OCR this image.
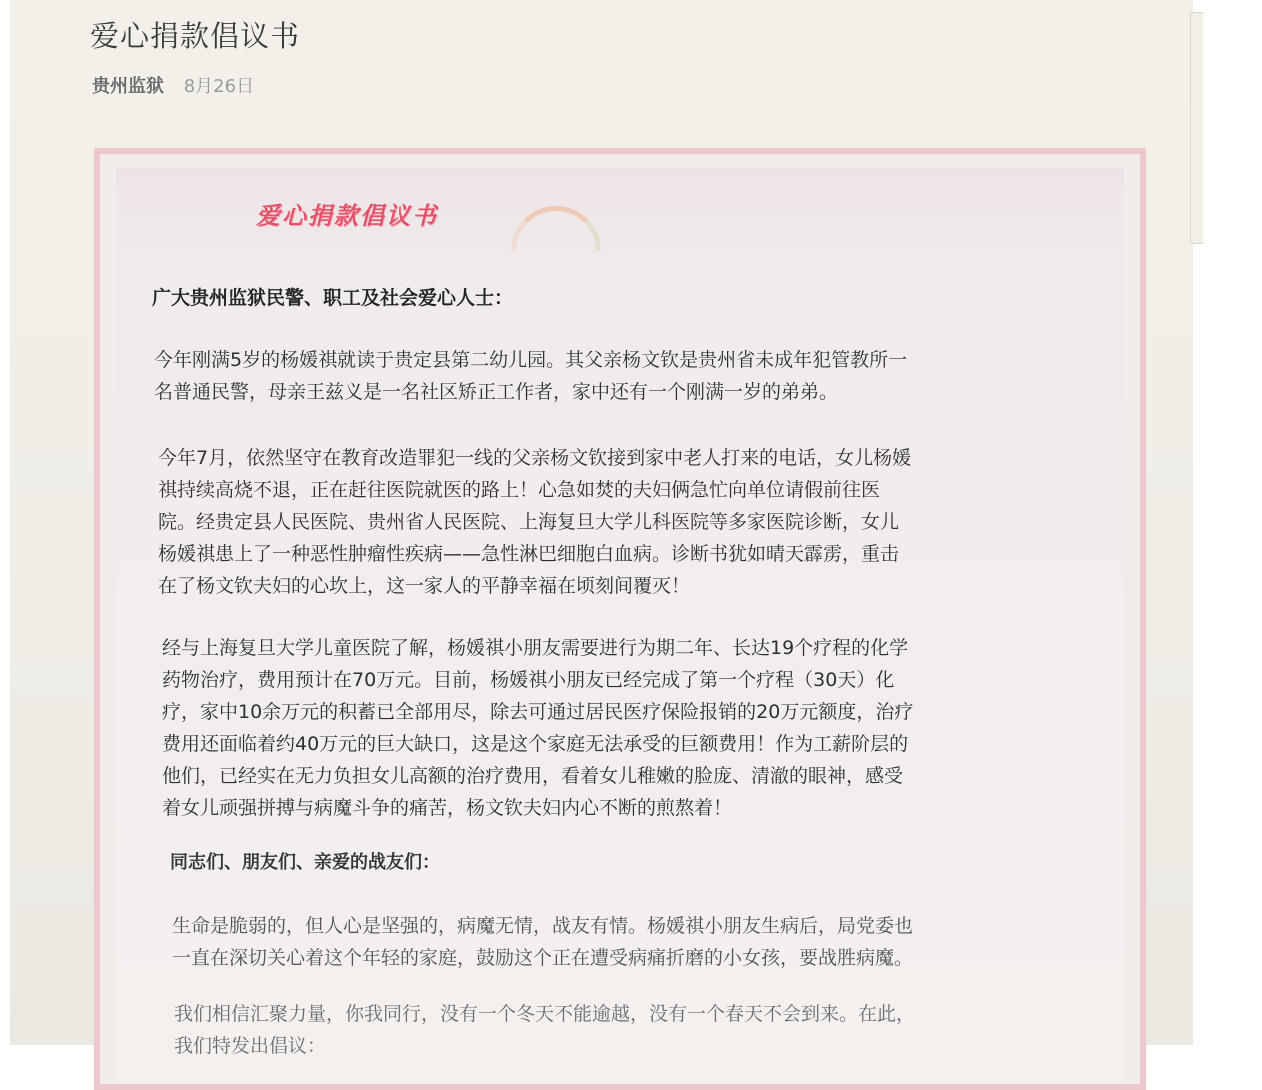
爱心捐款倡议书
贵州监狱 8月26日
爱心捐款倡议书
广大贵州监狱民警、职工及社会爱心人士：
今年刚满5岁的杨媛祺就读于贵定县第二幼儿园。其父亲杨文钦是贵州省未成年犯管教所一
名普通民警，母亲王兹义是一名社区矫正工作者，家中还有一个刚满一岁的弟弟。
今年7月，依然坚守在教育改造罪犯一线的父亲杨文钦接到家中老人打来的电话，女儿杨媛
祺持续高烧不退，正在赶往医院就医的路上！心急如焚的夫妇俩急忙向单位请假前往医
院。经贵定县人民医院、贵州省人民医院、上海复旦大学儿科医院等多家医院诊断，女儿
杨媛祺患上了一种恶性肿瘤性疾病——急性淋巴细胞白血病。诊断书犹如晴天霹雳，重击
在了杨文钦夫妇的心坎上，这一家人的平静幸福在顷刻间覆灭！
经与上海复旦大学儿童医院了解，杨媛祺小朋友需要进行为期二年、长达19个疗程的化学
药物治疗，费用预计在70万元。目前，杨媛祺小朋友已经完成了第一个疗程（30天）化
疗，家中10余万元的积蓄已全部用尽，除去可通过居民医疗保险报销的20万元额度，治疗
费用还面临着约40万元的巨大缺口，这是这个家庭无法承受的巨额费用！作为工薪阶层的
他们，已经实在无力负担女儿高额的治疗费用，看着女儿稚嫩的脸庞、清澈的眼神，感受
着女儿顽强拼搏与病魔斗争的痛苦，杨文钦夫妇内心不断的煎熬着！
同志们、朋友们、亲爱的战友们：
生命是脆弱的，但人心是坚强的，病魔无情，战友有情。杨媛祺小朋友生病后，局党委也
一直在深切关心着这个年轻的家庭，鼓励这个正在遭受病痛折磨的小女孩，要战胜病魔。
我们相信汇聚力量，你我同行，没有一个冬天不能逾越，没有一个春天不会到来。在此，
我们特发出倡议：
